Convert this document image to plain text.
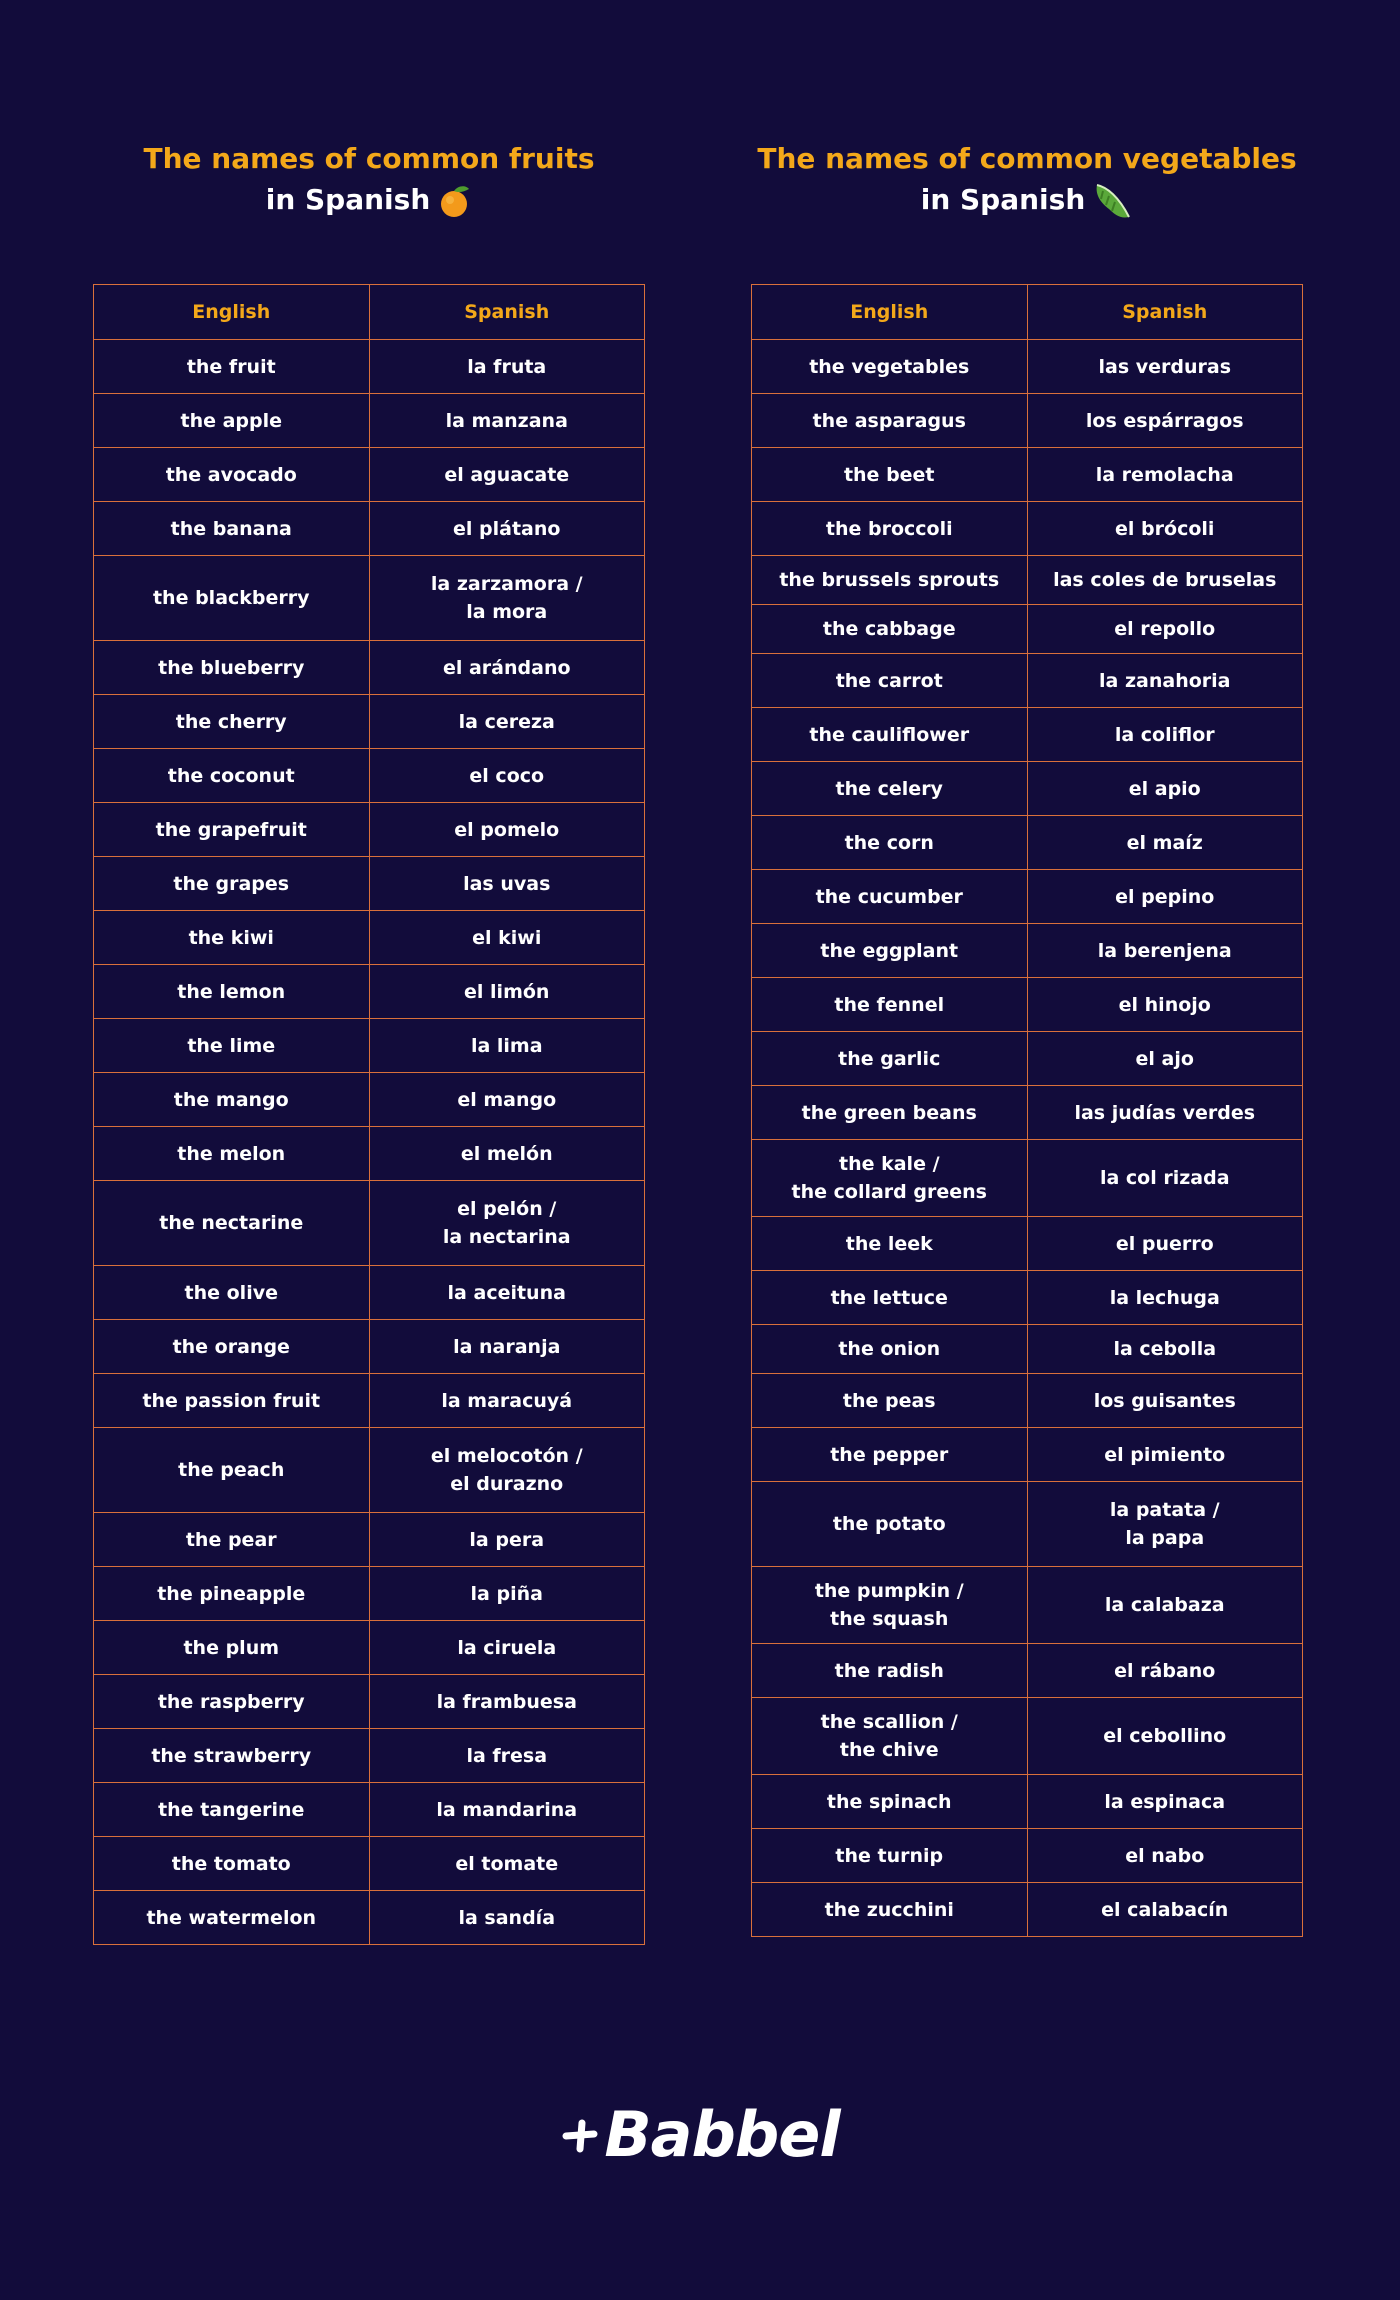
The names of common fruits
in Spanish
English	Spanish
the fruit	la fruta
the apple	la manzana
the avocado	el aguacate
the banana	el plátano
the blackberry	la zarzamora /
la mora
the blueberry	el arándano
the cherry	la cereza
the coconut	el coco
the grapefruit	el pomelo
the grapes	las uvas
the kiwi	el kiwi
the lemon	el limón
the lime	la lima
the mango	el mango
the melon	el melón
the nectarine	el pelón /
la nectarina
the olive	la aceituna
the orange	la naranja
the passion fruit	la maracuyá
the peach	el melocotón /
el durazno
the pear	la pera
the pineapple	la piña
the plum	la ciruela
the raspberry	la frambuesa
the strawberry	la fresa
the tangerine	la mandarina
the tomato	el tomate
the watermelon	la sandía
The names of common vegetables
in Spanish
English	Spanish
the vegetables	las verduras
the asparagus	los espárragos
the beet	la remolacha
the broccoli	el brócoli
the brussels sprouts	las coles de bruselas
the cabbage	el repollo
the carrot	la zanahoria
the cauliflower	la coliflor
the celery	el apio
the corn	el maíz
the cucumber	el pepino
the eggplant	la berenjena
the fennel	el hinojo
the garlic	el ajo
the green beans	las judías verdes
the kale /
the collard greens	la col rizada
the leek	el puerro
the lettuce	la lechuga
the onion	la cebolla
the peas	los guisantes
the pepper	el pimiento
the potato	la patata /
la papa
the pumpkin /
the squash	la calabaza
the radish	el rábano
the scallion /
the chive	el cebollino
the spinach	la espinaca
the turnip	el nabo
the zucchini	el calabacín
Babbel
